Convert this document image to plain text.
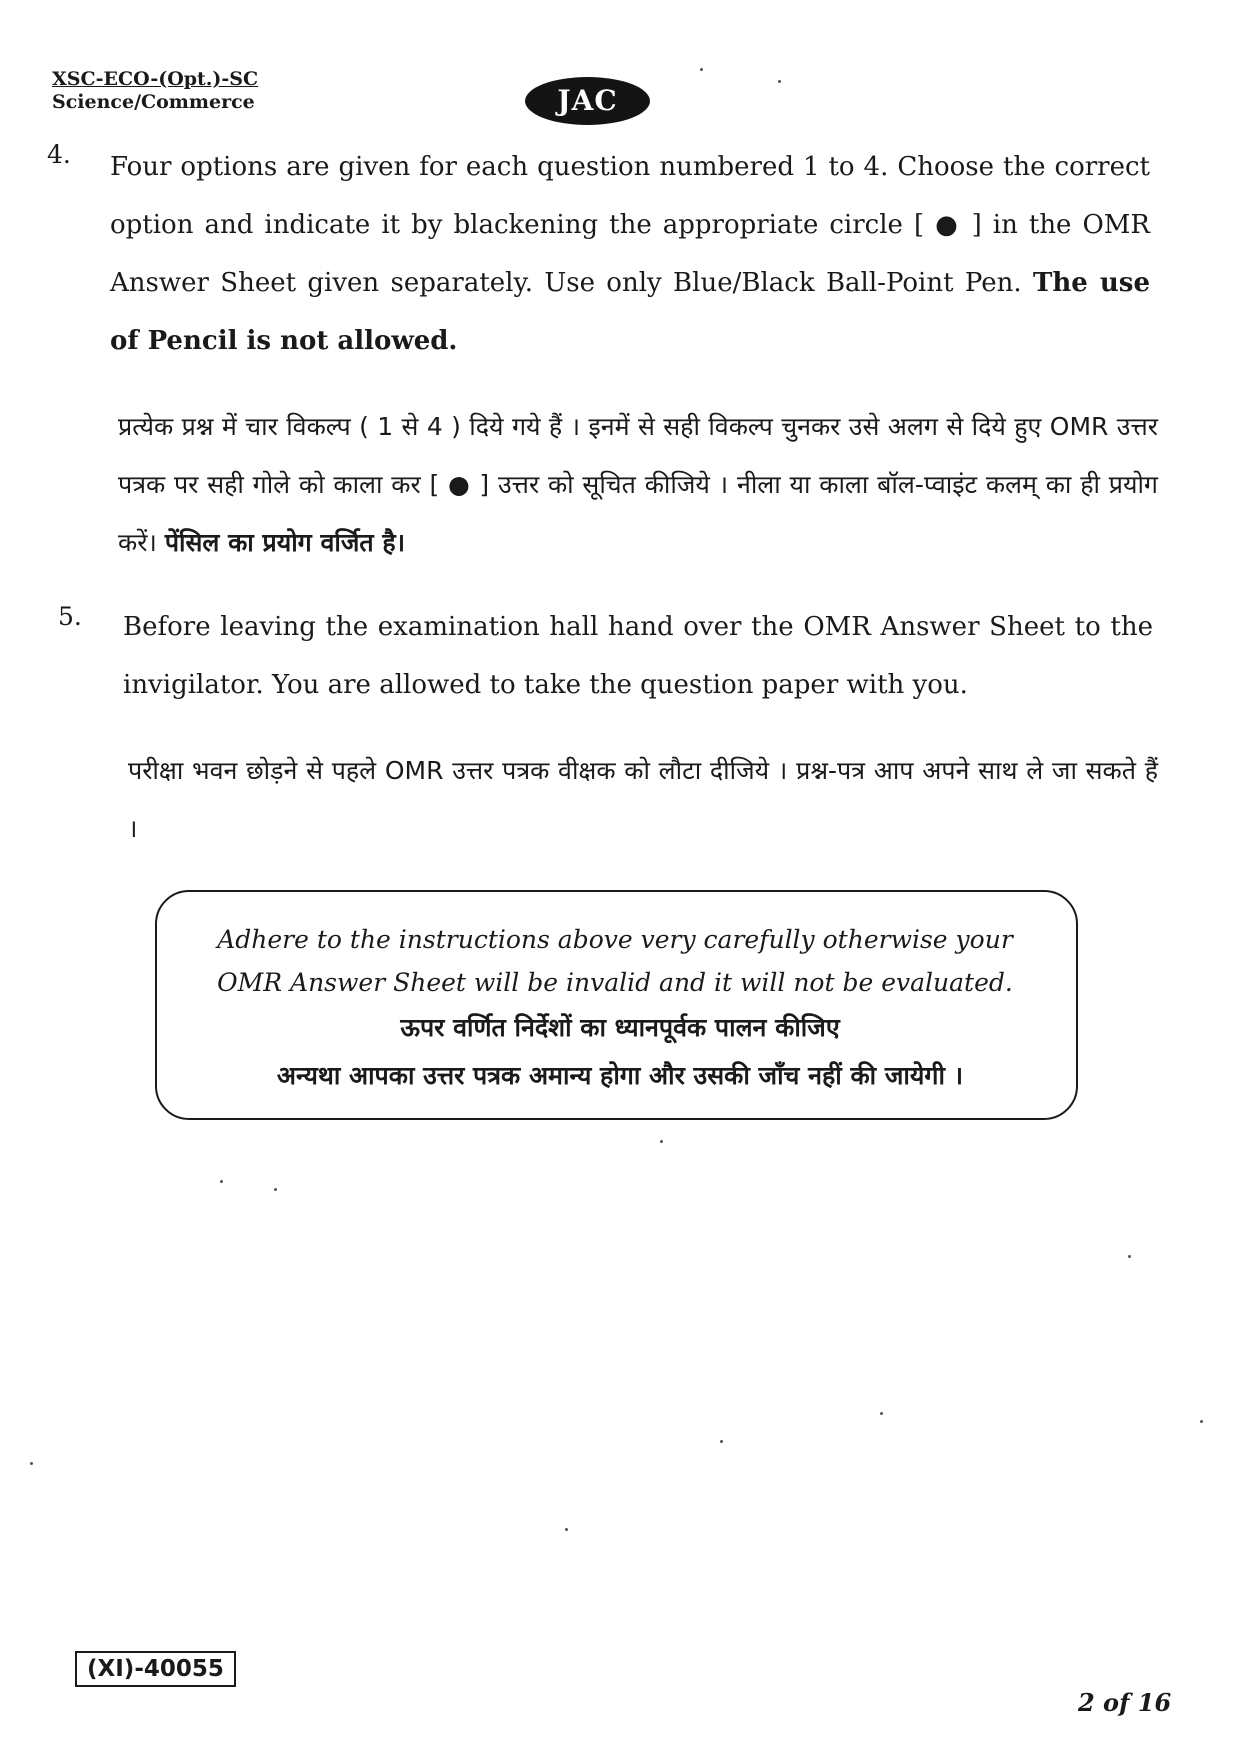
XSC-ECO-(Opt.)-SC
Science/Commerce	JAC
4. Four options are given for each question numbered 1 to 4. Choose the correct option and indicate it by blackening the appropriate circle [ ● ] in the OMR Answer Sheet given separately. Use only Blue/Black Ball-Point Pen. The use of Pencil is not allowed.
प्रत्येक प्रश्न में चार विकल्प ( 1 से 4 ) दिये गये हैं । इनमें से सही विकल्प चुनकर उसे अलग से दिये हुए OMR उत्तर पत्रक पर सही गोले को काला कर [ ● ] उत्तर को सूचित कीजिये । नीला या काला बॉल-प्वाइंट कलम् का ही प्रयोग करें। पेंसिल का प्रयोग वर्जित है।
5. Before leaving the examination hall hand over the OMR Answer Sheet to the invigilator. You are allowed to take the question paper with you.
परीक्षा भवन छोड़ने से पहले OMR उत्तर पत्रक वीक्षक को लौटा दीजिये । प्रश्न-पत्र आप अपने साथ ले जा सकते हैं ।
Adhere to the instructions above very carefully otherwise your
OMR Answer Sheet will be invalid and it will not be evaluated.
ऊपर वर्णित निर्देशों का ध्यानपूर्वक पालन कीजिए
अन्यथा आपका उत्तर पत्रक अमान्य होगा और उसकी जाँच नहीं की जायेगी ।
(XI)-40055
2 of 16
